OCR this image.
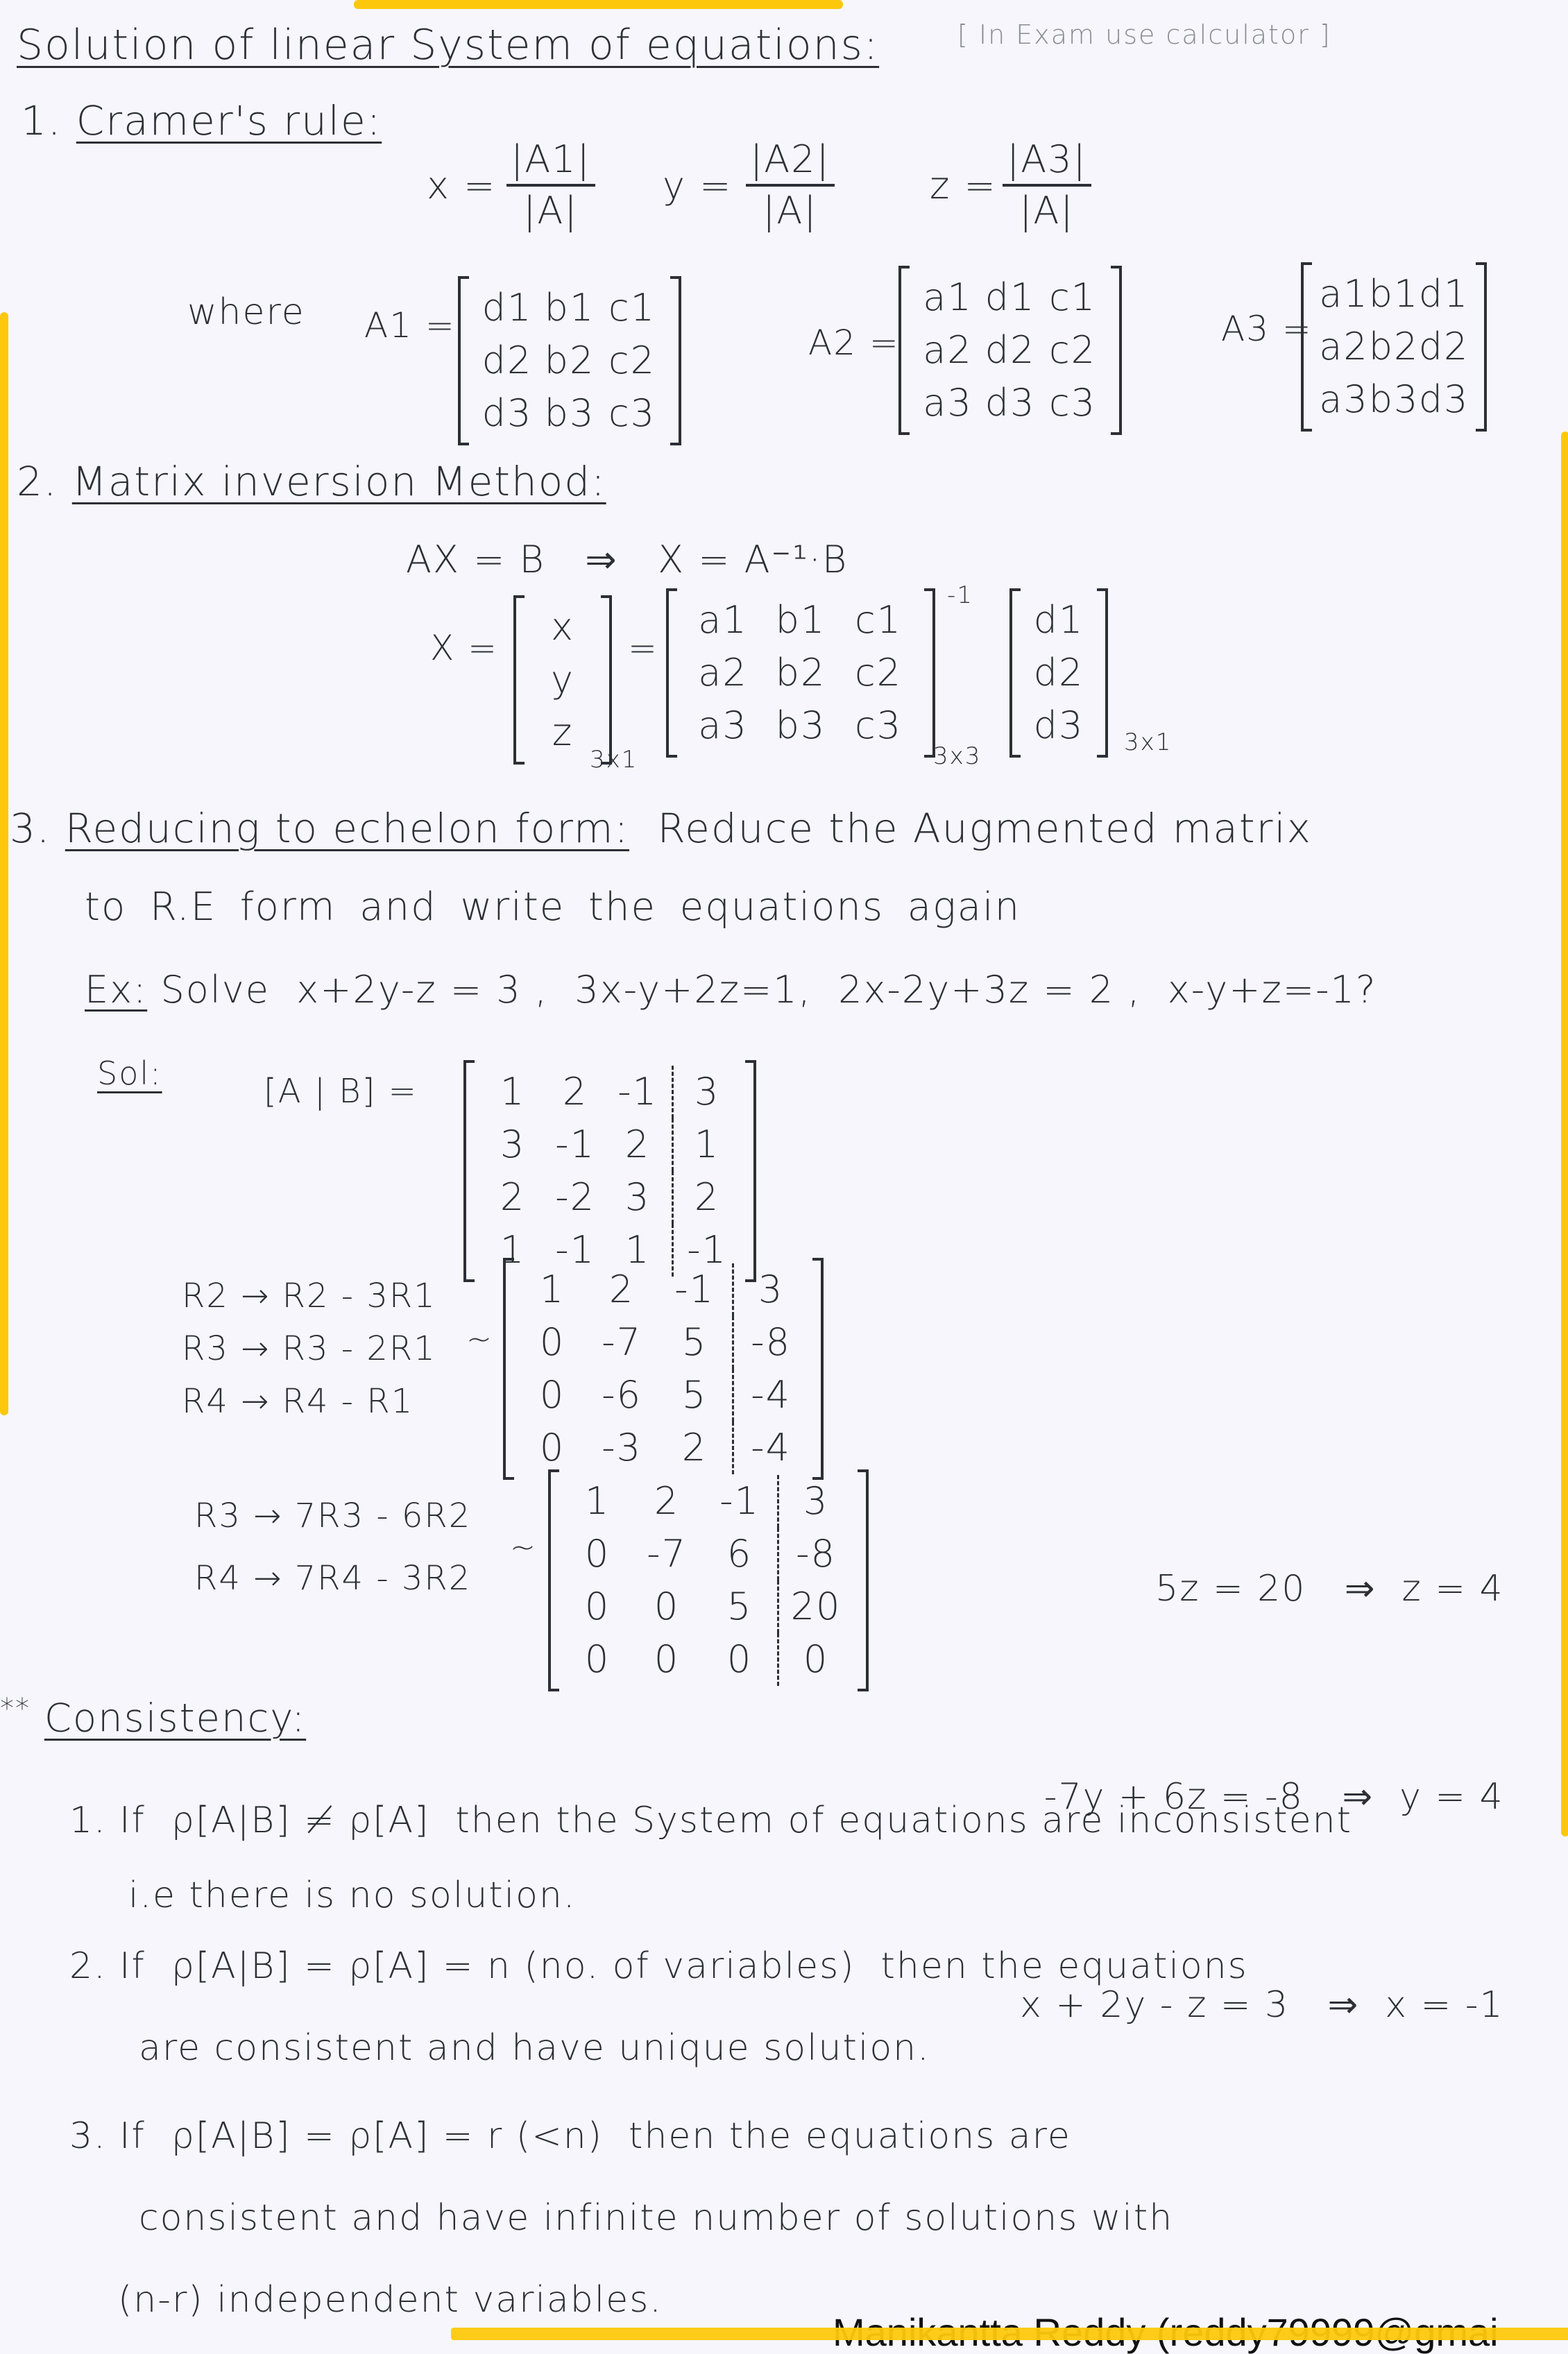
Solution of linear System of equations:	[ In Exam use calculator ]
1. Cramer's rule:
$x = \frac{|A1|}{|A|}$ $y = \frac{|A2|}{|A|}$	$z = \frac{|A3|}{|A|}$
where A1 = d1 b1 c1
d2 b2 c2
d3 b3 c3
A2 =
a1 d1 c1
a2 d2 c2
a3 d3 c3
A3 =
a1 b1 d1
a2 b2 d2
a3 b3 d3
2. Matrix inversion Method:
AX = B   ⇒   X = A⁻¹·B
X = x
y
z
3x1
=
a1 b1 c1
a2 b2 c2
a3 b3 c3
-1
3x3
d1
d2
d3 3x1
3. Reducing to echelon form: Reduce the Augmented matrix
to R.E form and write the equations again
Ex: Solve  x+2y-z = 3 ,  3x-y+2z=1,  2x-2y+3z = 2 ,  x-y+z=-1?
Sol:	[A | B] = 1 2 -1 3
3 -1 2 1
2 -2 3 2
1 -1 1 -1
R2 → R2 - 3R1
R3 → R3 - 2R1
R4 → R4 - R1
~
1 2 -1 3
0 -7 5 -8
0 -6 5 -4
0 -3 2 -4
R3 → 7R3 - 6R2
R4 → 7R4 - 3R2
~
1 2 -1 3
0 -7 6 -8
0 0 5 20
0 0 0 0

5z = 20   ⇒  z = 4

-7y + 6z = -8   ⇒  y = 4

x + 2y - z = 3   ⇒  x = -1

** Consistency:
1. If  ρ[A|B] ≠ ρ[A]  then the System of equations are inconsistent
i.e there is no solution.
2. If  ρ[A|B] = ρ[A] = n (no. of variables)  then the equations
are consistent and have unique solution.
3. If  ρ[A|B] = ρ[A] = r (<n)  then the equations are
consistent and have infinite number of solutions with
(n-r) independent variables.
